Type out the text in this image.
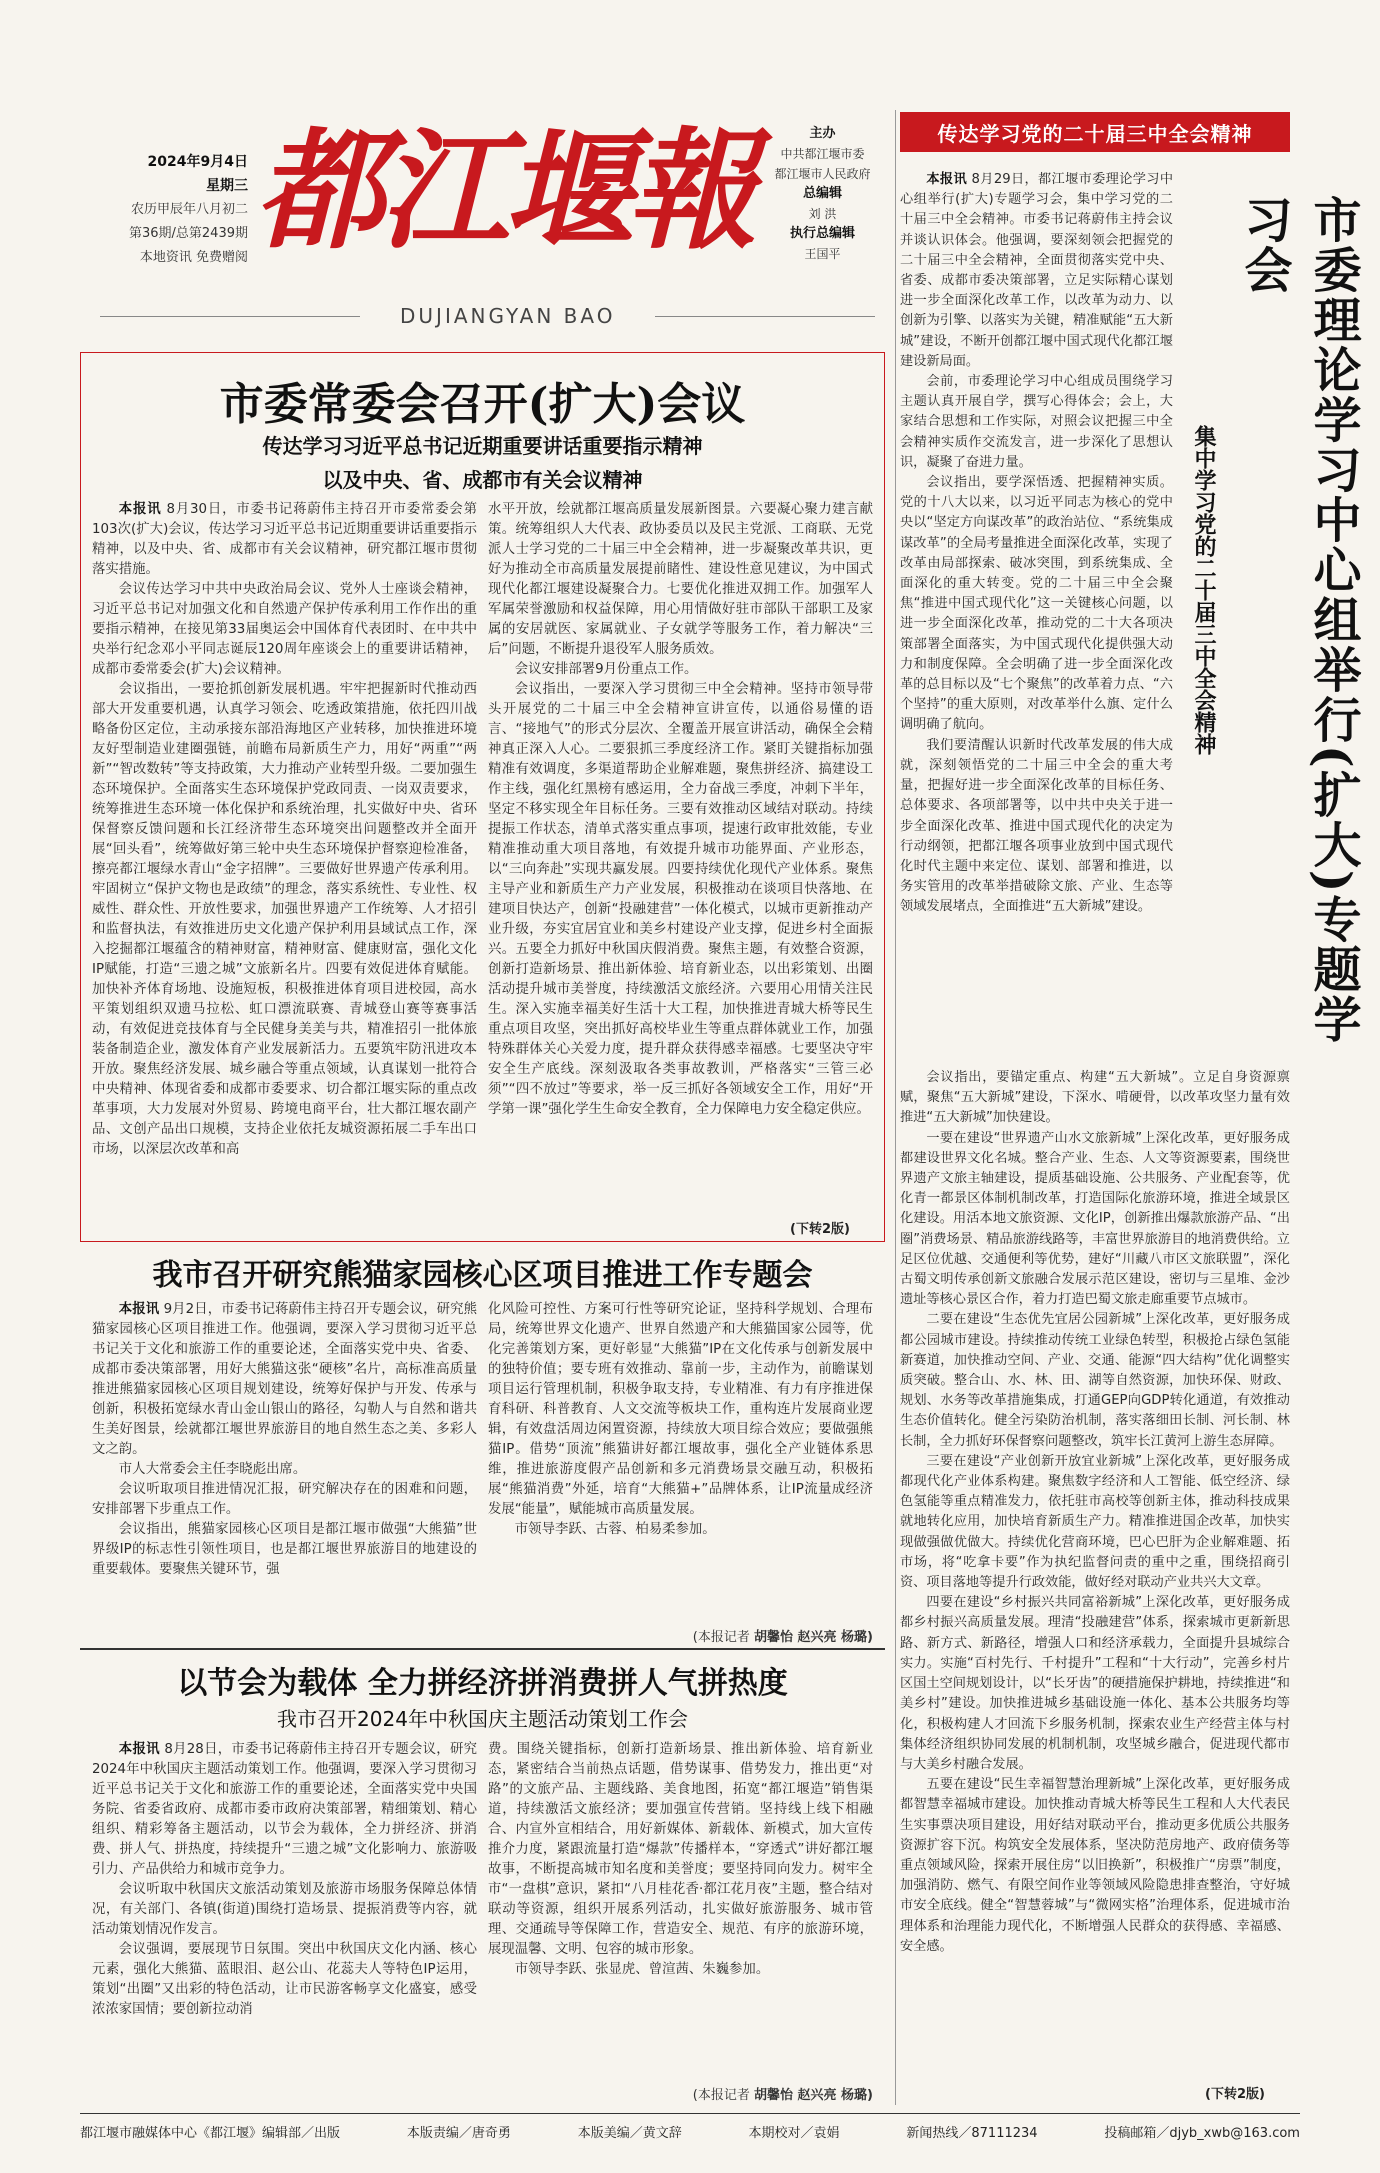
2024年9月4日
星期三
农历甲辰年八月初二
第36期/总第2439期
本地资讯 免费赠阅 都江堰報
DUJIANGYAN BAO
主办
中共都江堰市委
都江堰市人民政府
总编辑
刘 洪
执行总编辑
王国平
传达学习党的二十届三中全会精神
市委理论学习中心组举行(扩大)专题学习会
集中学习党的二十届三中全会精神

本报讯 8月29日，都江堰市委理论学习中心组举行(扩大)专题学习会，集中学习党的二十届三中全会精神。市委书记蒋蔚伟主持会议并谈认识体会。他强调，要深刻领会把握党的二十届三中全会精神，全面贯彻落实党中央、省委、成都市委决策部署，立足实际精心谋划进一步全面深化改革工作，以改革为动力、以创新为引擎、以落实为关键，精准赋能“五大新城”建设，不断开创都江堰中国式现代化都江堰建设新局面。

会前，市委理论学习中心组成员围绕学习主题认真开展自学，撰写心得体会；会上，大家结合思想和工作实际，对照会议把握三中全会精神实质作交流发言，进一步深化了思想认识，凝聚了奋进力量。

会议指出，要学深悟透、把握精神实质。党的十八大以来，以习近平同志为核心的党中央以“坚定方向谋改革”的政治站位、“系统集成谋改革”的全局考量推进全面深化改革，实现了改革由局部探索、破冰突围，到系统集成、全面深化的重大转变。党的二十届三中全会聚焦“推进中国式现代化”这一关键核心问题，以进一步全面深化改革，推动党的二十大各项决策部署全面落实，为中国式现代化提供强大动力和制度保障。全会明确了进一步全面深化改革的总目标以及“七个聚焦”的改革着力点、“六个坚持”的重大原则，对改革举什么旗、定什么调明确了航向。

我们要清醒认识新时代改革发展的伟大成就，深刻领悟党的二十届三中全会的重大考量，把握好进一步全面深化改革的目标任务、总体要求、各项部署等，以中共中央关于进一步全面深化改革、推进中国式现代化的决定为行动纲领，把都江堰各项事业放到中国式现代化时代主题中来定位、谋划、部署和推进，以务实管用的改革举措破除文旅、产业、生态等领域发展堵点，全面推进“五大新城”建设。

会议指出，要锚定重点、构建“五大新城”。立足自身资源禀赋，聚焦“五大新城”建设，下深水、啃硬骨，以改革攻坚力量有效推进“五大新城”加快建设。

一要在建设“世界遗产山水文旅新城”上深化改革，更好服务成都建设世界文化名城。整合产业、生态、人文等资源要素，围绕世界遗产文旅主轴建设，提质基础设施、公共服务、产业配套等，优化青一都景区体制机制改革，打造国际化旅游环境，推进全域景区化建设。用活本地文旅资源、文化IP，创新推出爆款旅游产品、“出圈”消费场景、精品旅游线路等，丰富世界旅游目的地消费供给。立足区位优越、交通便利等优势，建好“川藏八市区文旅联盟”，深化古蜀文明传承创新文旅融合发展示范区建设，密切与三星堆、金沙遗址等核心景区合作，着力打造巴蜀文旅走廊重要节点城市。

二要在建设“生态优先宜居公园新城”上深化改革，更好服务成都公园城市建设。持续推动传统工业绿色转型，积极抢占绿色氢能新赛道，加快推动空间、产业、交通、能源“四大结构”优化调整实质突破。整合山、水、林、田、湖等自然资源，加快环保、财政、规划、水务等改革措施集成，打通GEP向GDP转化通道，有效推动生态价值转化。健全污染防治机制，落实落细田长制、河长制、林长制，全力抓好环保督察问题整改，筑牢长江黄河上游生态屏障。

三要在建设“产业创新开放宜业新城”上深化改革，更好服务成都现代化产业体系构建。聚焦数字经济和人工智能、低空经济、绿色氢能等重点精准发力，依托驻市高校等创新主体，推动科技成果就地转化应用，加快培育新质生产力。精准推进国企改革，加快实现做强做优做大。持续优化营商环境，巴心巴肝为企业解难题、拓市场，将“吃拿卡要”作为执纪监督问责的重中之重，围绕招商引资、项目落地等提升行政效能，做好经对联动产业共兴大文章。

四要在建设“乡村振兴共同富裕新城”上深化改革，更好服务成都乡村振兴高质量发展。理清“投融建营”体系，探索城市更新新思路、新方式、新路径，增强人口和经济承载力，全面提升县城综合实力。实施“百村先行、千村提升”工程和“十大行动”，完善乡村片区国土空间规划设计，以“长牙齿”的硬措施保护耕地，持续推进“和美乡村”建设。加快推进城乡基础设施一体化、基本公共服务均等化，积极构建人才回流下乡服务机制，探索农业生产经营主体与村集体经济组织协同发展的机制机制，攻坚城乡融合，促进现代都市与大美乡村融合发展。

五要在建设“民生幸福智慧治理新城”上深化改革，更好服务成都智慧幸福城市建设。加快推动青城大桥等民生工程和人大代表民生实事票决项目建设，用好结对联动平台，推动更多优质公共服务资源扩容下沉。构筑安全发展体系，坚决防范房地产、政府债务等重点领域风险，探索开展住房“以旧换新”，积极推广“房票”制度，加强消防、燃气、有限空间作业等领域风险隐患排查整治，守好城市安全底线。健全“智慧蓉城”与“微网实格”治理体系，促进城市治理体系和治理能力现代化，不断增强人民群众的获得感、幸福感、安全感。

(下转2版)
市委常委会召开(扩大)会议
传达学习习近平总书记近期重要讲话重要指示精神
以及中央、省、成都市有关会议精神

本报讯 8月30日，市委书记蒋蔚伟主持召开市委常委会第103次(扩大)会议，传达学习习近平总书记近期重要讲话重要指示精神，以及中央、省、成都市有关会议精神，研究都江堰市贯彻落实措施。

会议传达学习中共中央政治局会议、党外人士座谈会精神，习近平总书记对加强文化和自然遗产保护传承利用工作作出的重要指示精神，在接见第33届奥运会中国体育代表团时、在中共中央举行纪念邓小平同志诞辰120周年座谈会上的重要讲话精神，成都市委常委会(扩大)会议精神。

会议指出，一要抢抓创新发展机遇。牢牢把握新时代推动西部大开发重要机遇，认真学习领会、吃透政策措施，依托四川战略备份区定位，主动承接东部沿海地区产业转移，加快推进环境友好型制造业建圈强链，前瞻布局新质生产力，用好“两重”“两新”“智改数转”等支持政策，大力推动产业转型升级。二要加强生态环境保护。全面落实生态环境保护党政同责、一岗双责要求，统筹推进生态环境一体化保护和系统治理，扎实做好中央、省环保督察反馈问题和长江经济带生态环境突出问题整改并全面开展“回头看”，统筹做好第三轮中央生态环境保护督察迎检准备，擦亮都江堰绿水青山“金字招牌”。三要做好世界遗产传承利用。牢固树立“保护文物也是政绩”的理念，落实系统性、专业性、权威性、群众性、开放性要求，加强世界遗产工作统筹、人才招引和监督执法，有效推进历史文化遗产保护利用县域试点工作，深入挖掘都江堰蕴含的精神财富，精神财富、健康财富，强化文化IP赋能，打造“三遗之城”文旅新名片。四要有效促进体育赋能。加快补齐体育场地、设施短板，积极推进体育项目进校园，高水平策划组织双遗马拉松、虹口漂流联赛、青城登山赛等赛事活动，有效促进竞技体育与全民健身美美与共，精准招引一批体旅装备制造企业，激发体育产业发展新活力。五要筑牢防汛进攻本开放。聚焦经济发展、城乡融合等重点领域，认真谋划一批符合中央精神、体现省委和成都市委要求、切合都江堰实际的重点改革事项，大力发展对外贸易、跨境电商平台，壮大都江堰农副产品、文创产品出口规模，支持企业依托友城资源拓展二手车出口市场，以深层次改革和高

水平开放，绘就都江堰高质量发展新图景。六要凝心聚力建言献策。统筹组织人大代表、政协委员以及民主党派、工商联、无党派人士学习党的二十届三中全会精神，进一步凝聚改革共识，更好为推动全市高质量发展提前睹性、建设性意见建议，为中国式现代化都江堰建设凝聚合力。七要优化推进双拥工作。加强军人军属荣誉激励和权益保障，用心用情做好驻市部队干部职工及家属的安居就医、家属就业、子女就学等服务工作，着力解决“三后”问题，不断提升退役军人服务质效。

会议安排部署9月份重点工作。

会议指出，一要深入学习贯彻三中全会精神。坚持市领导带头开展党的二十届三中全会精神宣讲宣传，以通俗易懂的语言、“接地气”的形式分层次、全覆盖开展宣讲活动，确保全会精神真正深入人心。二要狠抓三季度经济工作。紧盯关键指标加强精准有效调度，多渠道帮助企业解难题，聚焦拼经济、搞建设工作主线，强化红黑榜有感运用，全力奋战三季度，冲刺下半年，坚定不移实现全年目标任务。三要有效推动区域结对联动。持续提振工作状态，清单式落实重点事项，提速行政审批效能，专业精准推动重大项目落地，有效提升城市功能界面、产业形态，以“三向奔赴”实现共赢发展。四要持续优化现代产业体系。聚焦主导产业和新质生产力产业发展，积极推动在谈项目快落地、在建项目快达产，创新“投融建营”一体化模式，以城市更新推动产业升级，夯实宜居宜业和美乡村建设产业支撑，促进乡村全面振兴。五要全力抓好中秋国庆假消费。聚焦主题，有效整合资源，创新打造新场景、推出新体验、培育新业态，以出彩策划、出圈活动提升城市美誉度，持续激活文旅经济。六要用心用情关注民生。深入实施幸福美好生活十大工程，加快推进青城大桥等民生重点项目攻坚，突出抓好高校毕业生等重点群体就业工作，加强特殊群体关心关爱力度，提升群众获得感幸福感。七要坚决守牢安全生产底线。深刻汲取各类事故教训，严格落实“三管三必须”“四不放过”等要求，举一反三抓好各领域安全工作，用好“开学第一课”强化学生生命安全教育，全力保障电力安全稳定供应。

(下转2版)
我市召开研究熊猫家园核心区项目推进工作专题会

本报讯 9月2日，市委书记蒋蔚伟主持召开专题会议，研究熊猫家园核心区项目推进工作。他强调，要深入学习贯彻习近平总书记关于文化和旅游工作的重要论述，全面落实党中央、省委、成都市委决策部署，用好大熊猫这张“硬核”名片，高标准高质量推进熊猫家园核心区项目规划建设，统筹好保护与开发、传承与创新，积极拓宽绿水青山金山银山的路径，勾勒人与自然和谐共生美好图景，绘就都江堰世界旅游目的地自然生态之美、多彩人文之韵。

市人大常委会主任李晓彪出席。

会议听取项目推进情况汇报，研究解决存在的困难和问题，安排部署下步重点工作。

会议指出，熊猫家园核心区项目是都江堰市做强“大熊猫”世界级IP的标志性引领性项目，也是都江堰世界旅游目的地建设的重要载体。要聚焦关键环节，强

化风险可控性、方案可行性等研究论证，坚持科学规划、合理布局，统筹世界文化遗产、世界自然遗产和大熊猫国家公园等，优化完善策划方案，更好彰显“大熊猫”IP在文化传承与创新发展中的独特价值；要专班有效推动、靠前一步，主动作为，前瞻谋划项目运行管理机制，积极争取支持，专业精准、有力有序推进保育科研、科普教育、人文交流等板块工作，重构连片发展商业逻辑，有效盘活周边闲置资源，持续放大项目综合效应；要做强熊猫IP。借势“顶流”熊猫讲好都江堰故事，强化全产业链体系思维，推进旅游度假产品创新和多元消费场景交融互动，积极拓展“熊猫消费”外延，培育“大熊猫+”品牌体系，让IP流量成经济发展“能量”，赋能城市高质量发展。

市领导李跃、古蓉、柏易柔参加。

(本报记者 胡馨怡 赵兴亮 杨璐)
以节会为载体 全力拼经济拼消费拼人气拼热度
我市召开2024年中秋国庆主题活动策划工作会

本报讯 8月28日，市委书记蒋蔚伟主持召开专题会议，研究2024年中秋国庆主题活动策划工作。他强调，要深入学习贯彻习近平总书记关于文化和旅游工作的重要论述，全面落实党中央国务院、省委省政府、成都市委市政府决策部署，精细策划、精心组织、精彩筹备主题活动，以节会为载体，全力拼经济、拼消费、拼人气、拼热度，持续提升“三遗之城”文化影响力、旅游吸引力、产品供给力和城市竞争力。

会议听取中秋国庆文旅活动策划及旅游市场服务保障总体情况，有关部门、各镇(街道)围绕打造场景、提振消费等内容，就活动策划情况作发言。

会议强调，要展现节日氛围。突出中秋国庆文化内涵、核心元素，强化大熊猫、蓝眼泪、赵公山、花蕊夫人等特色IP运用，策划“出圈”又出彩的特色活动，让市民游客畅享文化盛宴，感受浓浓家国情；要创新拉动消

费。围绕关键指标，创新打造新场景、推出新体验、培育新业态，紧密结合当前热点话题，借势谋事、借势发力，推出更“对路”的文旅产品、主题线路、美食地图，拓宽“都江堰造”销售渠道，持续激活文旅经济；要加强宣传营销。坚持线上线下相融合、内宣外宣相结合，用好新媒体、新载体、新模式，加大宣传推介力度，紧跟流量打造“爆款”传播样本，“穿透式”讲好都江堰故事，不断提高城市知名度和美誉度；要坚持同向发力。树牢全市“一盘棋”意识，紧扣“八月桂花香·都江花月夜”主题，整合结对联动等资源，组织开展系列活动，扎实做好旅游服务、城市管理、交通疏导等保障工作，营造安全、规范、有序的旅游环境，展现温馨、文明、包容的城市形象。

市领导李跃、张显虎、曾渲茜、朱巍参加。

(本报记者 胡馨怡 赵兴亮 杨璐)
都江堰市融媒体中心《都江堰》编辑部／出版	本版责编／唐奇勇	本版美编／黄文辞	本期校对／袁娟	新闻热线／87111234	投稿邮箱／djyb_xwb@163.com
